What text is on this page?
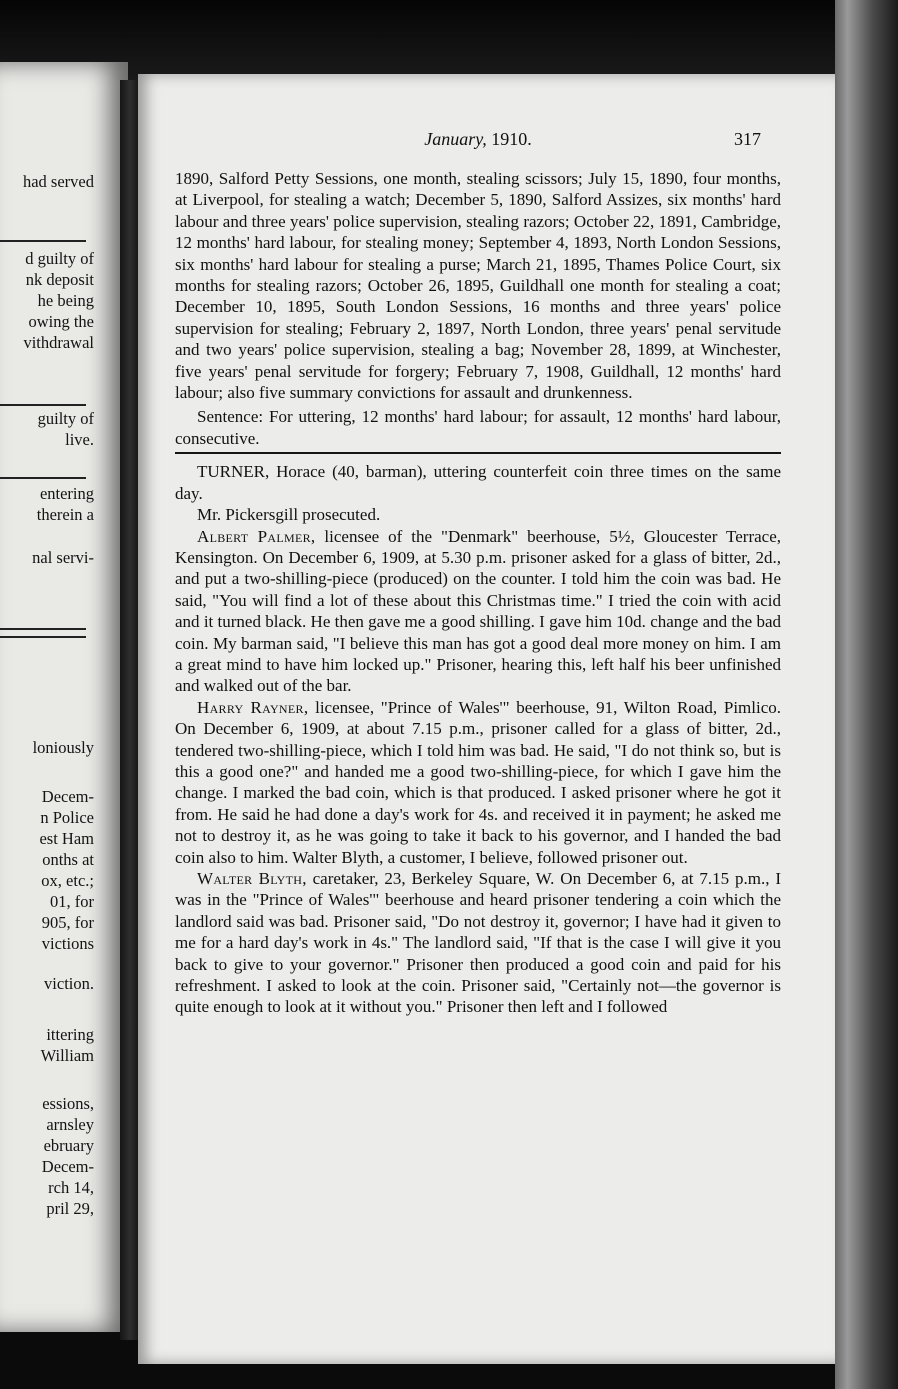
had served
d guilty of
nk deposit
he being
owing the
vithdrawal
guilty of
live.
entering
therein a
nal servi-
loniously
Decem-
n Police
est Ham
onths at
ox, etc.;
01, for
905, for
victions
viction.
ittering
William
essions,
arnsley
ebruary
Decem-
rch 14,
pril 29,
January, 1910.	317

1890, Salford Petty Sessions, one month, stealing scissors; July 15, 1890, four months, at Liverpool, for stealing a watch; December 5, 1890, Salford Assizes, six months' hard labour and three years' police supervision, stealing razors; October 22, 1891, Cambridge, 12 months' hard labour, for stealing money; September 4, 1893, North London Sessions, six months' hard labour for stealing a purse; March 21, 1895, Thames Police Court, six months for stealing razors; October 26, 1895, Guildhall one month for stealing a coat; December 10, 1895, South London Sessions, 16 months and three years' police supervision for stealing; February 2, 1897, North London, three years' penal servitude and two years' police supervision, stealing a bag; November 28, 1899, at Winchester, five years' penal servitude for forgery; February 7, 1908, Guildhall, 12 months' hard labour; also five summary convictions for assault and drunkenness.

Sentence: For uttering, 12 months' hard labour; for assault, 12 months' hard labour, consecutive.

TURNER, Horace (40, barman), uttering counterfeit coin three times on the same day.

Mr. Pickersgill prosecuted.

Albert Palmer, licensee of the "Denmark" beerhouse, 5½, Gloucester Terrace, Kensington. On December 6, 1909, at 5.30 p.m. prisoner asked for a glass of bitter, 2d., and put a two-shilling-piece (produced) on the counter. I told him the coin was bad. He said, "You will find a lot of these about this Christmas time." I tried the coin with acid and it turned black. He then gave me a good shilling. I gave him 10d. change and the bad coin. My barman said, "I believe this man has got a good deal more money on him. I am a great mind to have him locked up." Prisoner, hearing this, left half his beer unfinished and walked out of the bar.

Harry Rayner, licensee, "Prince of Wales'" beerhouse, 91, Wilton Road, Pimlico. On December 6, 1909, at about 7.15 p.m., prisoner called for a glass of bitter, 2d., tendered two-shilling-piece, which I told him was bad. He said, "I do not think so, but is this a good one?" and handed me a good two-shilling-piece, for which I gave him the change. I marked the bad coin, which is that produced. I asked prisoner where he got it from. He said he had done a day's work for 4s. and received it in payment; he asked me not to destroy it, as he was going to take it back to his governor, and I handed the bad coin also to him. Walter Blyth, a customer, I believe, followed prisoner out.

Walter Blyth, caretaker, 23, Berkeley Square, W. On December 6, at 7.15 p.m., I was in the "Prince of Wales'" beerhouse and heard prisoner tendering a coin which the landlord said was bad. Prisoner said, "Do not destroy it, governor; I have had it given to me for a hard day's work in 4s." The landlord said, "If that is the case I will give it you back to give to your governor." Prisoner then produced a good coin and paid for his refreshment. I asked to look at the coin. Prisoner said, "Certainly not—the governor is quite enough to look at it without you." Prisoner then left and I followed
